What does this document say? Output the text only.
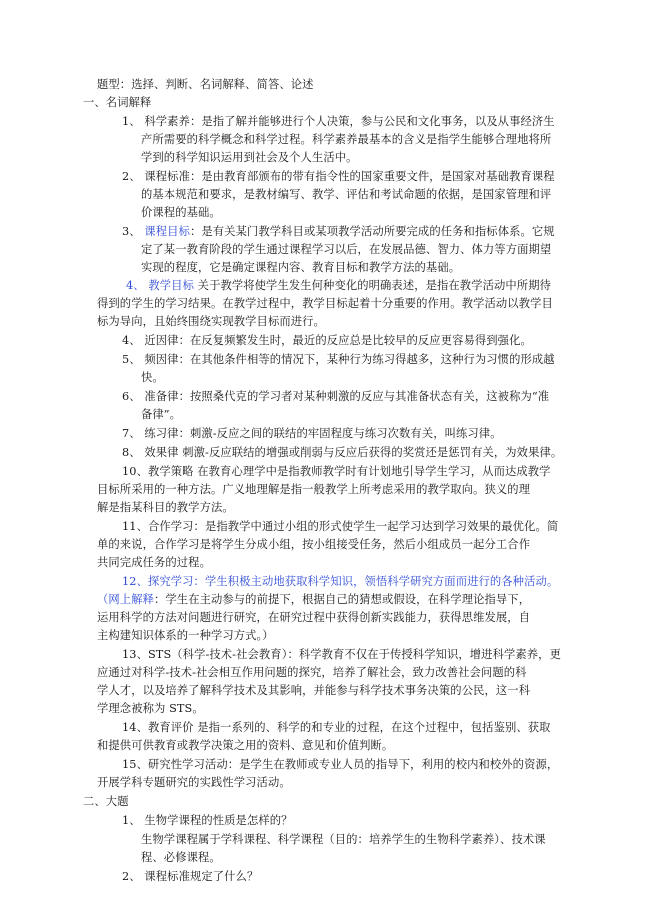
题型：选择、判断、名词解释、简答、论述
一、名词解释
1、 科学素养：是指了解并能够进行个人决策，参与公民和文化事务，以及从事经济生
产所需要的科学概念和科学过程。科学素养最基本的含义是指学生能够合理地将所
学到的科学知识运用到社会及个人生活中。
2、 课程标准：是由教育部颁布的带有指令性的国家重要文件，是国家对基础教育课程
的基本规范和要求，是教材编写、教学、评估和考试命题的依据，是国家管理和评
价课程的基础。
3、 课程目标：是有关某门教学科目或某项教学活动所要完成的任务和指标体系。它规
定了某一教育阶段的学生通过课程学习以后，在发展品德、智力、体力等方面期望
实现的程度，它是确定课程内容、教育目标和教学方法的基础。
4、 教学目标 关于教学将使学生发生何种变化的明确表述，是指在教学活动中所期待
得到的学生的学习结果。在教学过程中，教学目标起着十分重要的作用。教学活动以教学目
标为导向，且始终围绕实现教学目标而进行。
4、 近因律：在反复频繁发生时，最近的反应总是比较早的反应更容易得到强化。
5、 频因律：在其他条件相等的情况下，某种行为练习得越多，这种行为习惯的形成越
快。
6、 准备律：按照桑代克的学习者对某种刺激的反应与其准备状态有关，这被称为“准
备律”。
7、 练习律：刺激-反应之间的联结的牢固程度与练习次数有关，叫练习律。
8、 效果律 刺激-反应联结的增强或削弱与反应后获得的奖赏还是惩罚有关，为效果律。
10、教学策略 在教育心理学中是指教师教学时有计划地引导学生学习，从而达成教学
目标所采用的一种方法。广义地理解是指一般教学上所考虑采用的教学取向。狭义的理
解是指某科目的教学方法。
11、合作学习：是指教学中通过小组的形式使学生一起学习达到学习效果的最优化。简
单的来说，合作学习是将学生分成小组，按小组接受任务，然后小组成员一起分工合作
共同完成任务的过程。
12、探究学习：学生积极主动地获取科学知识，领悟科学研究方面而进行的各种活动。
（网上解释：学生在主动参与的前提下，根据自己的猜想或假设，在科学理论指导下，
运用科学的方法对问题进行研究，在研究过程中获得创新实践能力，获得思维发展，自
主构建知识体系的一种学习方式。）
13、STS（科学-技术-社会教育）：科学教育不仅在于传授科学知识，增进科学素养，更
应通过对科学-技术-社会相互作用问题的探究，培养了解社会，致力改善社会问题的科
学人才，以及培养了解科学技术及其影响，并能参与科学技术事务决策的公民，这一科
学理念被称为 STS。
14、教育评价 是指一系列的、科学的和专业的过程，在这个过程中，包括鉴别、获取
和提供可供教育或教学决策之用的资料、意见和价值判断。
15、研究性学习活动：是学生在教师或专业人员的指导下，利用的校内和校外的资源，
开展学科专题研究的实践性学习活动。
二、大题
1、 生物学课程的性质是怎样的？
生物学课程属于学科课程、科学课程（目的：培养学生的生物科学素养）、技术课
程、必修课程。
2、 课程标准规定了什么？
